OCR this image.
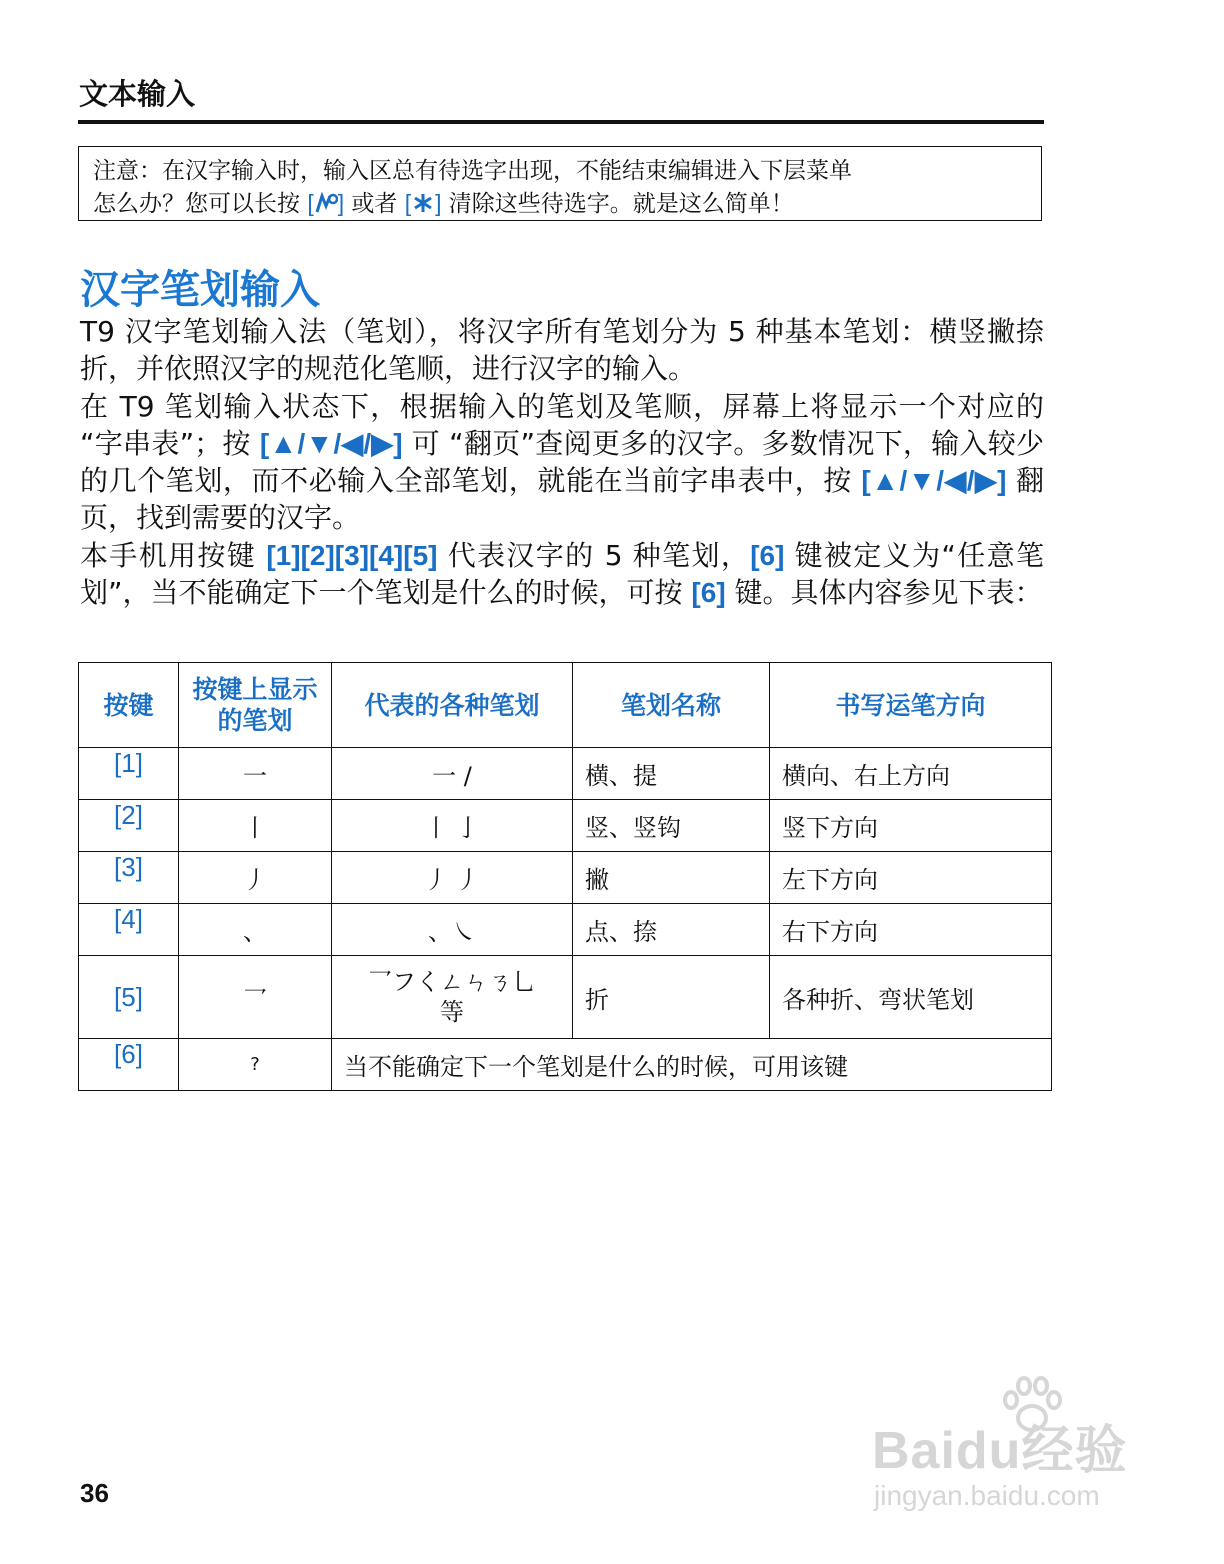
文本输入
注意：在汉字输入时，输入区总有待选字出现，不能结束编辑进入下层菜单
怎么办？您可以长按 [ ] 或者 [ ] 清除这些待选字。就是这么简单！
汉字笔划输入
T9 汉字笔划输入法（笔划），将汉字所有笔划分为 5 种基本笔划：横竖撇捺折，并依照汉字的规范化笔顺，进行汉字的输入。
在 T9 笔划输入状态下，根据输入的笔划及笔顺，屏幕上将显示一个对应的 “字串表”；按 [▲/▼/◀/▶] 可 “翻页”查阅更多的汉字。多数情况下，输入较少的几个笔划，而不必输入全部笔划，就能在当前字串表中，按 [▲/▼/◀/▶] 翻页，找到需要的汉字。
本手机用按键 [1][2][3][4][5] 代表汉字的 5 种笔划，[6] 键被定义为“任意笔划”，当不能确定下一个笔划是什么的时候，可按 [6] 键。具体内容参见下表：
按键	按键上显示的笔划	代表的各种笔划	笔划名称	书写运笔方向
[1]	一	一 /	横、提	横向、右上方向
[2]	丨	丨 亅	竖、竖钩	竖下方向
[3]	丿	丿 丿	撇	左下方向
[4]	、	、㇏	点、捺	右下方向
[5]	乛	乛フくㄥㄣㄋ乚
等	折	各种折、弯状笔划
[6]	?	当不能确定下一个笔划是什么的时候，可用该键		
36
Baidu经验
jingyan.baidu.com
